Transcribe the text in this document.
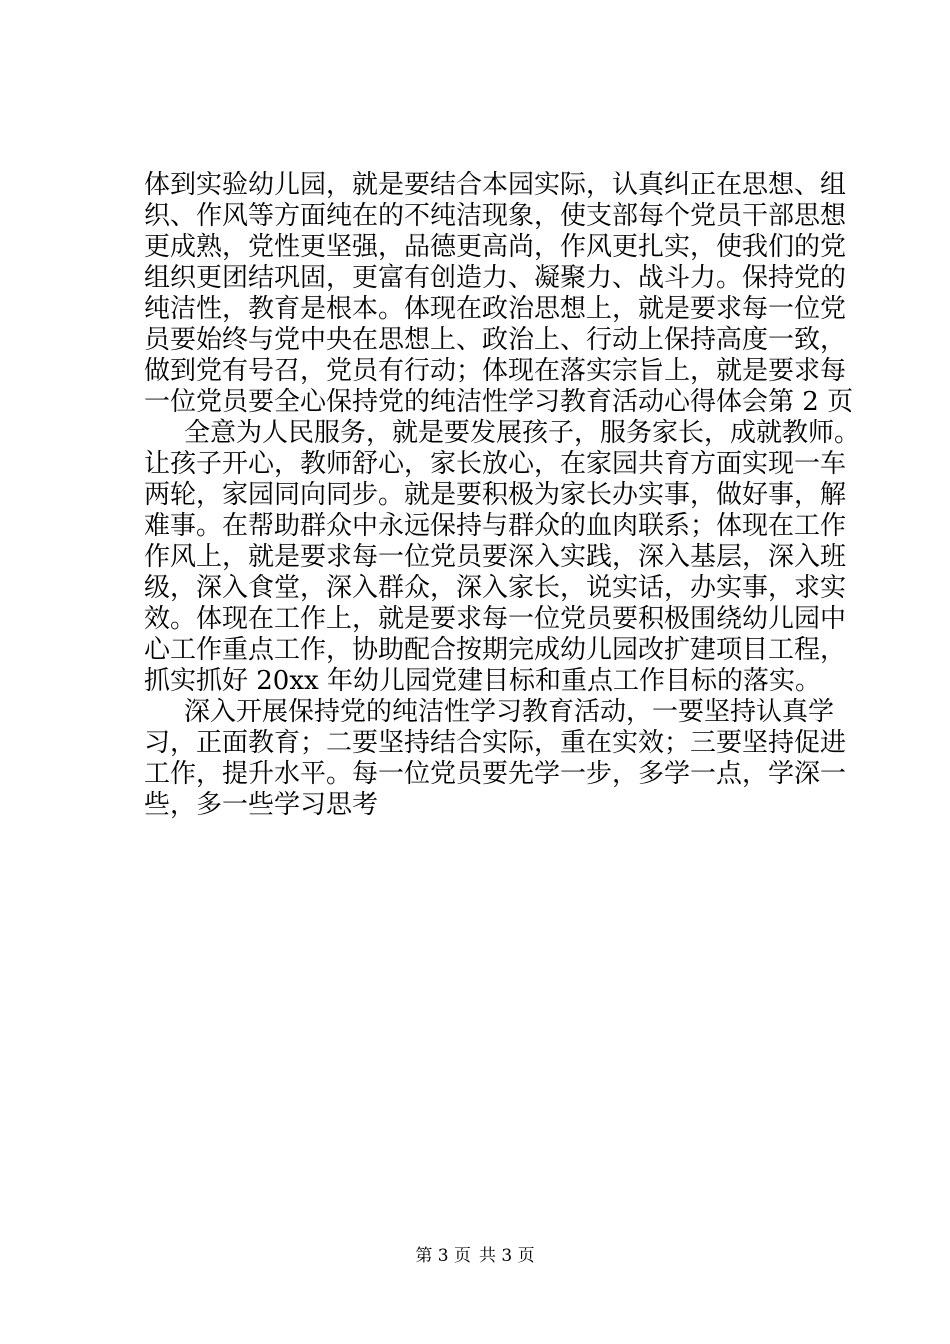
体到实验幼儿园，就是要结合本园实际，认真纠正在思想、组
织、作风等方面纯在的不纯洁现象，使支部每个党员干部思想
更成熟，党性更坚强，品德更高尚，作风更扎实，使我们的党
组织更团结巩固，更富有创造力、凝聚力、战斗力。保持党的
纯洁性，教育是根本。体现在政治思想上，就是要求每一位党
员要始终与党中央在思想上、政治上、行动上保持高度一致，
做到党有号召，党员有行动；体现在落实宗旨上，就是要求每
一位党员要全心保持党的纯洁性学习教育活动心得体会第 2 页
全意为人民服务，就是要发展孩子，服务家长，成就教师。
让孩子开心，教师舒心，家长放心，在家园共育方面实现一车
两轮，家园同向同步。就是要积极为家长办实事，做好事，解
难事。在帮助群众中永远保持与群众的血肉联系；体现在工作
作风上，就是要求每一位党员要深入实践，深入基层，深入班
级，深入食堂，深入群众，深入家长，说实话，办实事，求实
效。体现在工作上，就是要求每一位党员要积极围绕幼儿园中
心工作重点工作，协助配合按期完成幼儿园改扩建项目工程，
抓实抓好 20xx 年幼儿园党建目标和重点工作目标的落实。
深入开展保持党的纯洁性学习教育活动，一要坚持认真学
习，正面教育；二要坚持结合实际，重在实效；三要坚持促进
工作，提升水平。每一位党员要先学一步，多学一点，学深一
些，多一些学习思考
第 3 页 共 3 页
